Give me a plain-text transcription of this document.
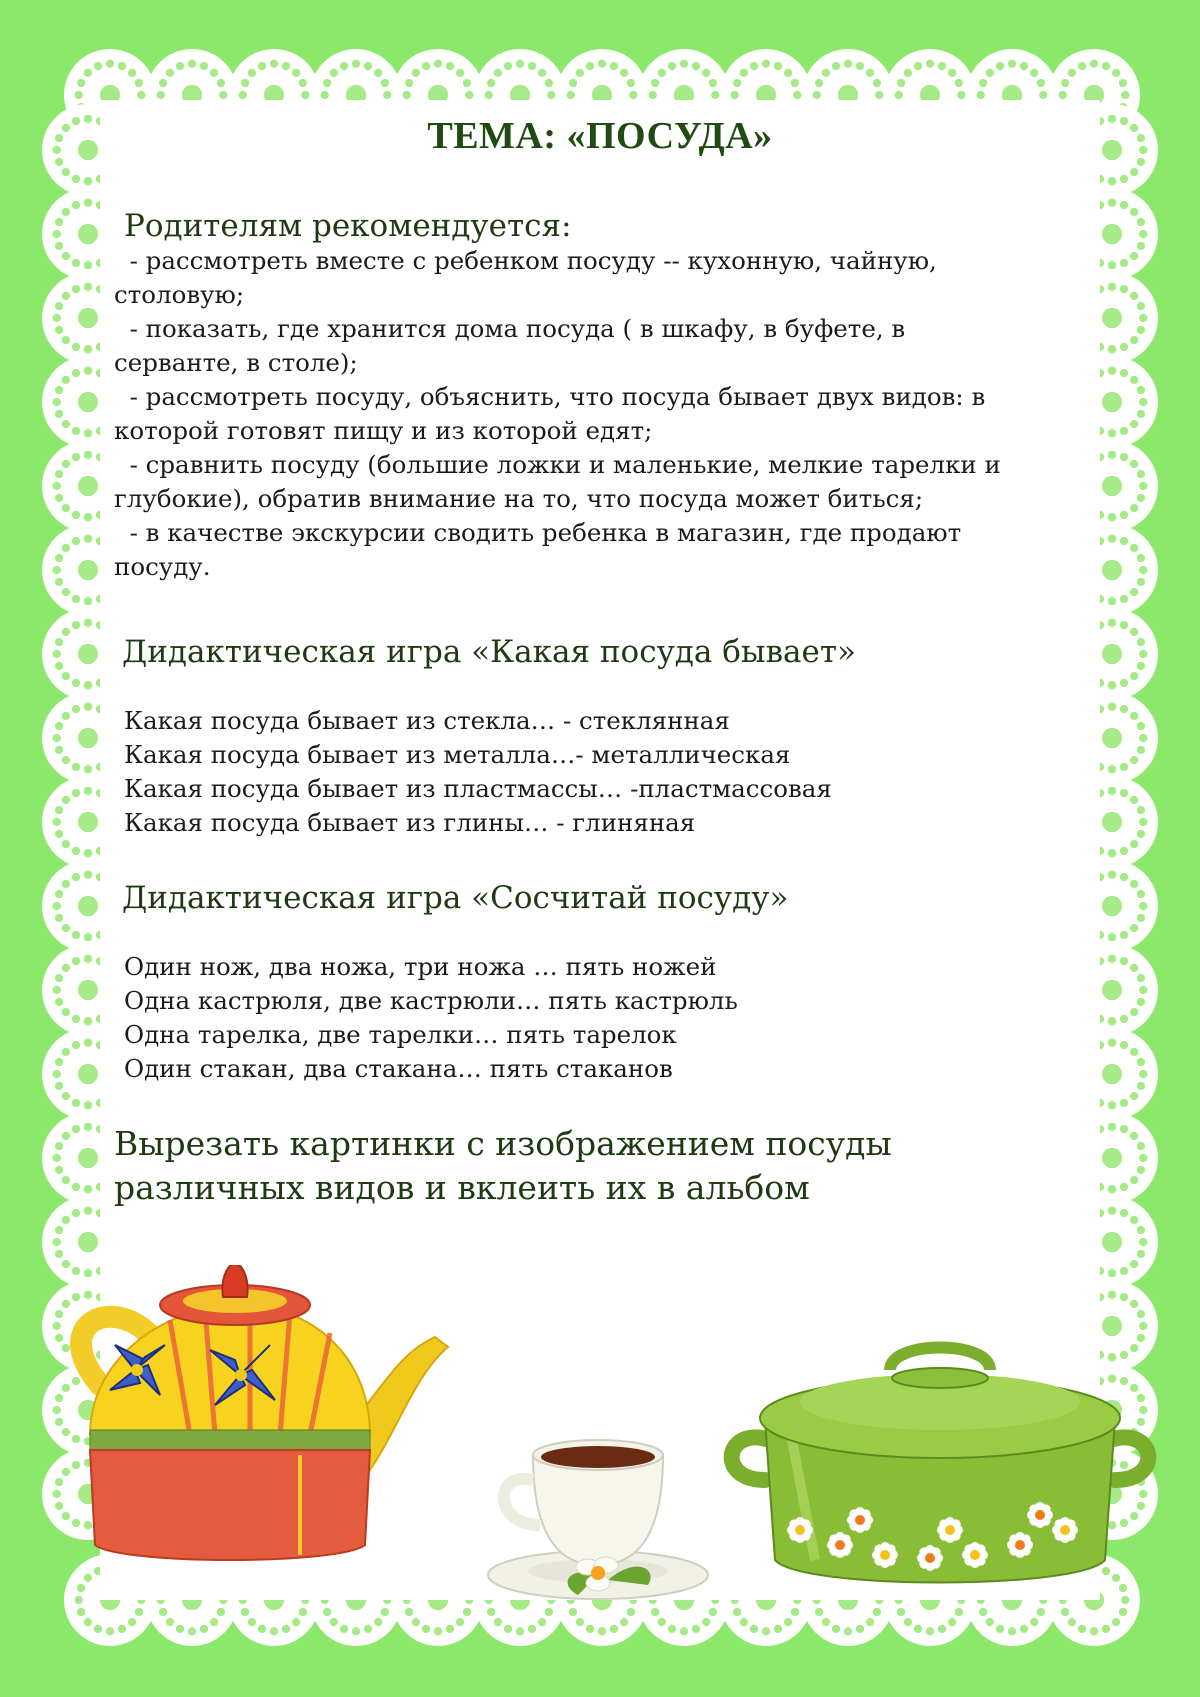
ТЕМА: «ПОСУДА»
Родителям рекомендуется:
- рассмотреть вместе с ребенком посуду -- кухонную, чайную,
столовую;
- показать, где хранится дома посуда ( в шкафу, в буфете, в
серванте, в столе);
- рассмотреть посуду, объяснить, что посуда бывает двух видов: в
которой готовят пищу и из которой едят;
- сравнить посуду (большие ложки и маленькие, мелкие тарелки и
глубокие), обратив внимание на то, что посуда может биться;
- в качестве экскурсии сводить ребенка в магазин, где продают
посуду.
Дидактическая игра «Какая посуда бывает»
Какая посуда бывает из стекла… - стеклянная
Какая посуда бывает из металла…- металлическая
Какая посуда бывает из пластмассы… -пластмассовая
Какая посуда бывает из глины… - глиняная
Дидактическая игра «Сосчитай посуду»
Один нож, два ножа, три ножа … пять ножей
Одна кастрюля, две кастрюли… пять кастрюль
Одна тарелка, две тарелки… пять тарелок
Один стакан, два стакана… пять стаканов
Вырезать картинки с изображением посуды
различных видов и вклеить их в альбом
